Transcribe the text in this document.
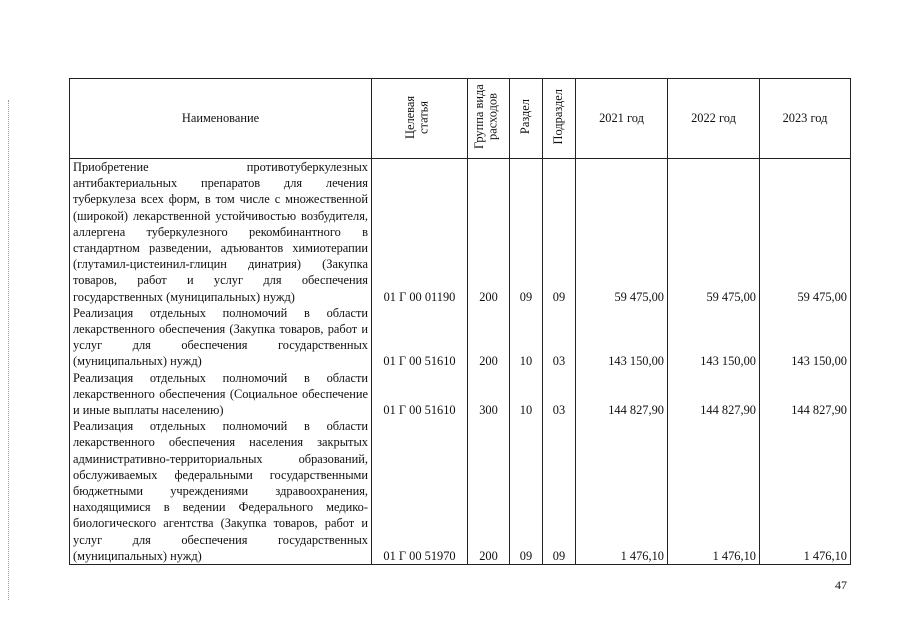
Наименование	Целевая статья	Группа вида расходов	Раздел	Подраздел	2021 год	2022 год	2023 год
Приобретение противотуберкулезных антибактериальных препаратов для лечения туберкулеза всех форм, в том числе с множественной (широкой) лекарственной устойчивостью возбудителя, аллергена туберкулезного рекомбинантного в стандартном разведении, адъювантов химиотерапии (глутамил-цистеинил-глицин динатрия) (Закупка товаров, работ и услуг для обеспечения государственных (муниципальных) нужд)	01 Г 00 01190	200	09	09	59 475,00	59 475,00	59 475,00
Реализация отдельных полномочий в области лекарственного обеспечения (Закупка товаров, работ и услуг для обеспечения государственных (муниципальных) нужд)	01 Г 00 51610	200	10	03	143 150,00	143 150,00	143 150,00
Реализация отдельных полномочий в области лекарственного обеспечения (Социальное обеспечение и иные выплаты населению)	01 Г 00 51610	300	10	03	144 827,90	144 827,90	144 827,90
Реализация отдельных полномочий в области лекарственного обеспечения населения закрытых административно-территориальных образований, обслуживаемых федеральными государственными бюджетными учреждениями здравоохранения, находящимися в ведении Федерального медико-биологического агентства (Закупка товаров, работ и услуг для обеспечения государственных (муниципальных) нужд)	01 Г 00 51970	200	09	09	1 476,10	1 476,10	1 476,10
47
